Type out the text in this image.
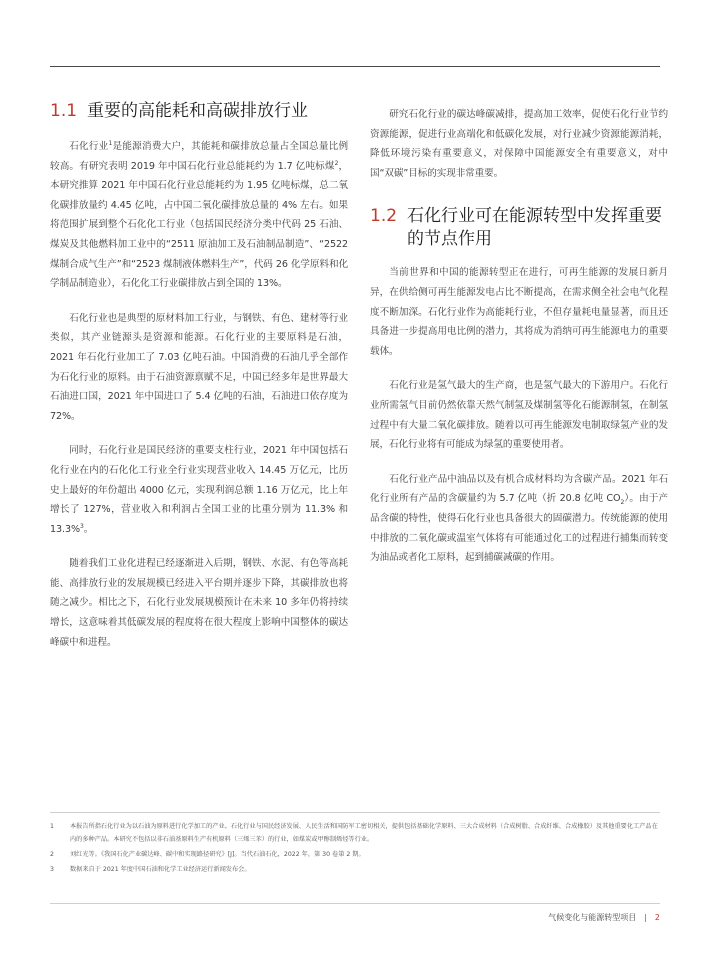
1.1 重要的高能耗和高碳排放行业

石化行业$^1$是能源消费大户，其能耗和碳排放总量占全国总量比例较高。有研究表明 2019 年中国石化行业总能耗约为 1.7 亿吨标煤$^2$，本研究推算 2021 年中国石化行业总能耗约为 1.95 亿吨标煤，总二氧化碳排放量约 4.45 亿吨，占中国二氧化碳排放总量的 4% 左右。如果将范围扩展到整个石化化工行业（包括国民经济分类中代码 25 石油、煤炭及其他燃料加工业中的“2511 原油加工及石油制品制造”、“2522 煤制合成气生产”和“2523 煤制液体燃料生产”，代码 26 化学原料和化学制品制造业），石化化工行业碳排放占到全国的 13%。

石化行业也是典型的原材料加工行业，与钢铁、有色、建材等行业类似，其产业链源头是资源和能源。石化行业的主要原料是石油，2021 年石化行业加工了 7.03 亿吨石油。中国消费的石油几乎全部作为石化行业的原料。由于石油资源禀赋不足，中国已经多年是世界最大石油进口国，2021 年中国进口了 5.4 亿吨的石油，石油进口依存度为 72%。

同时，石化行业是国民经济的重要支柱行业，2021 年中国包括石化行业在内的石化化工行业全行业实现营业收入 14.45 万亿元，比历史上最好的年份超出 4000 亿元，实现利润总额 1.16 万亿元，比上年增长了 127%，营业收入和利润占全国工业的比重分别为 11.3% 和 13.3%$^3$。

随着我们工业化进程已经逐渐进入后期，钢铁、水泥、有色等高耗能、高排放行业的发展规模已经进入平台期并逐步下降，其碳排放也将随之减少。相比之下，石化行业发展规模预计在未来 10 多年仍将持续增长，这意味着其低碳发展的程度将在很大程度上影响中国整体的碳达峰碳中和进程。

研究石化行业的碳达峰碳减排，提高加工效率，促使石化行业节约资源能源，促进行业高端化和低碳化发展，对行业减少资源能源消耗，降低环境污染有重要意义，对保障中国能源安全有重要意义，对中国“双碳”目标的实现非常重要。

1.2 石化行业可在能源转型中发挥重要的节点作用

当前世界和中国的能源转型正在进行，可再生能源的发展日新月异，在供给侧可再生能源发电占比不断提高，在需求侧全社会电气化程度不断加深。石化行业作为高能耗行业，不但存量耗电量显著，而且还具备进一步提高用电比例的潜力，其将成为消纳可再生能源电力的重要载体。

石化行业是氢气最大的生产商，也是氢气最大的下游用户。石化行业所需氢气目前仍然依靠天然气制氢及煤制氢等化石能源制氢，在制氢过程中有大量二氧化碳排放。随着以可再生能源发电制取绿氢产业的发展，石化行业将有可能成为绿氢的重要使用者。

石化行业产品中油品以及有机合成材料均为含碳产品。2021 年石化行业所有产品的含碳量约为 5.7 亿吨（折 20.8 亿吨 $CO_2$）。由于产品含碳的特性，使得石化行业也具备很大的固碳潜力。传统能源的使用中排放的二氧化碳或温室气体将有可能通过化工的过程进行捕集而转变为油品或者化工原料，起到捕碳减碳的作用。

1	本报告所指石化行业为以石油为原料进行化学加工的产业。石化行业与国民经济发展、人民生活和国防军工密切相关，提供包括基础化学原料、三大合成材料（合成树脂、合成纤维、合成橡胶）及其他重要化工产品在内的多种产品。本研究不包括以非石油基原料生产有机原料（三烯三苯）的行业，如煤炭或甲醇制烯烃等行业。
2	刘红光等。《我国石化产业碳达峰、碳中和实现路径研究》[J]。当代石油石化，2022 年，第 30 卷第 2 期。
3	数据来自于 2021 年度中国石油和化学工业经济运行新闻发布会。
气候变化与能源转型项目 | 2
